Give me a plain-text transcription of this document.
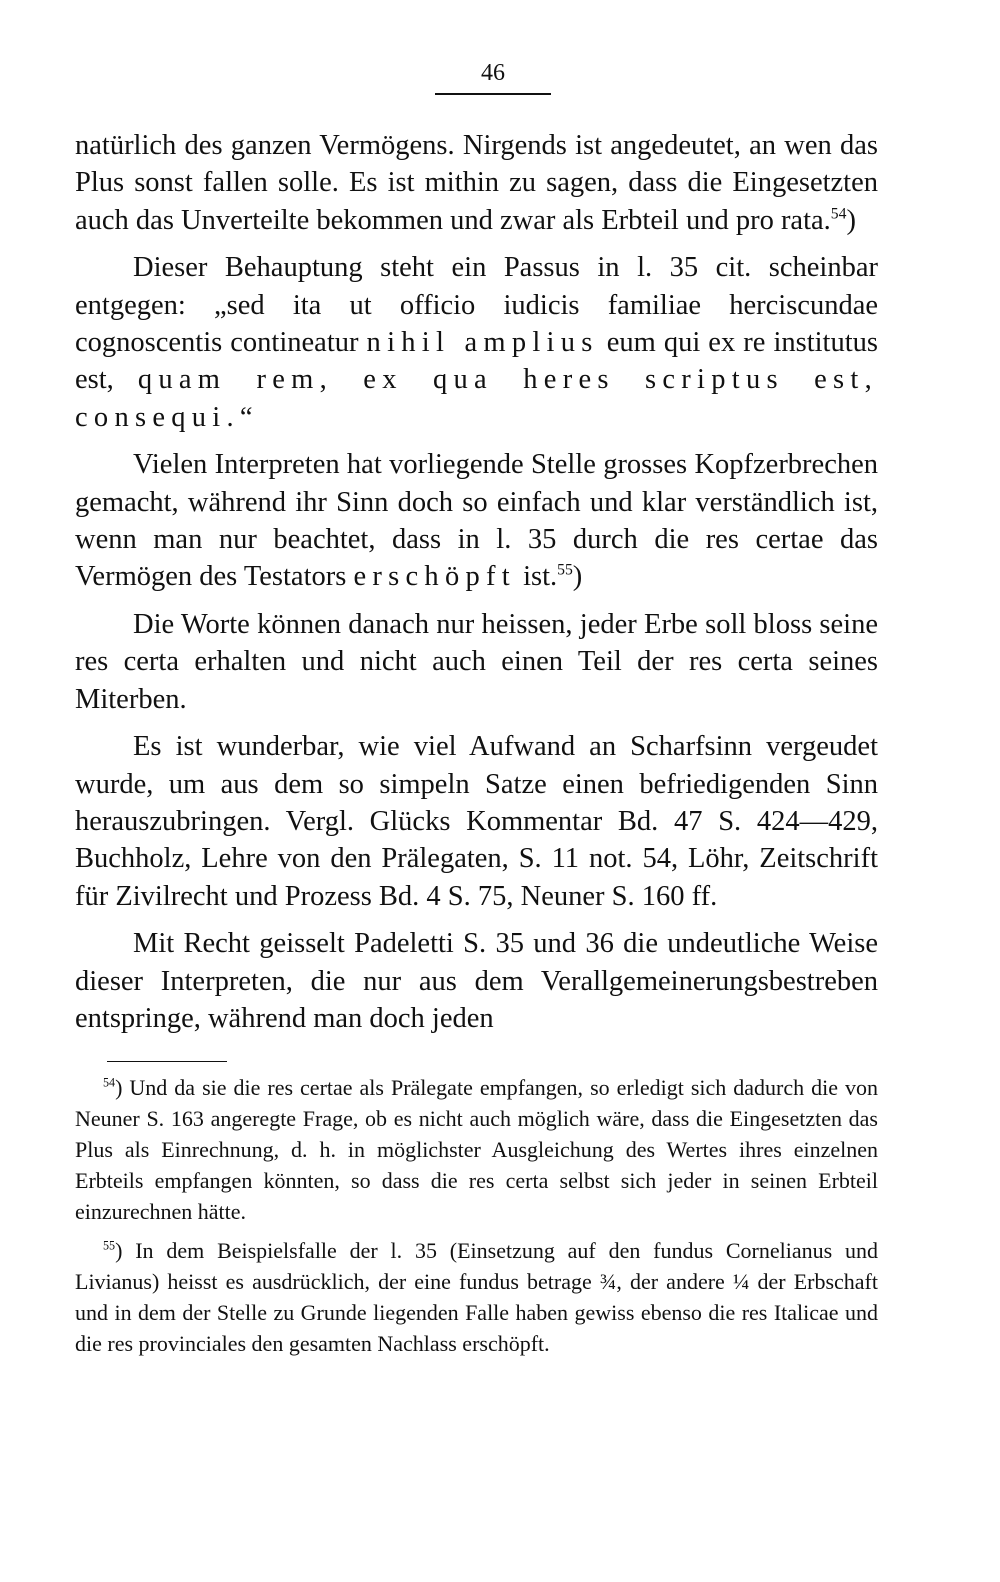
46

natürlich des ganzen Vermögens. Nirgends ist angedeutet, an wen das Plus sonst fallen solle. Es ist mithin zu sagen, dass die Eingesetzten auch das Unverteilte bekommen und zwar als Erbteil und pro rata.$^{54}$)

Dieser Behauptung steht ein Passus in l. 35 cit. scheinbar entgegen: „sed ita ut officio iudicis familiae herciscundae cognoscentis contineatur nihil amplius eum qui ex re institutus est, quam rem, ex qua heres scriptus est, consequi.“

Vielen Interpreten hat vorliegende Stelle grosses Kopfzerbrechen gemacht, während ihr Sinn doch so einfach und klar verständlich ist, wenn man nur beachtet, dass in l. 35 durch die res certae das Vermögen des Testators erschöpft ist.$^{55}$)

Die Worte können danach nur heissen, jeder Erbe soll bloss seine res certa erhalten und nicht auch einen Teil der res certa seines Miterben.

Es ist wunderbar, wie viel Aufwand an Scharfsinn vergeudet wurde, um aus dem so simpeln Satze einen befriedigenden Sinn herauszubringen. Vergl. Glücks Kommentar Bd. 47 S. 424—429, Buchholz, Lehre von den Prälegaten, S. 11 not. 54, Löhr, Zeitschrift für Zivilrecht und Prozess Bd. 4 S. 75, Neuner S. 160 ff.

Mit Recht geisselt Padeletti S. 35 und 36 die undeutliche Weise dieser Interpreten, die nur aus dem Verallgemeinerungsbestreben entspringe, während man doch jeden

$^{54}$) Und da sie die res certae als Prälegate empfangen, so erledigt sich dadurch die von Neuner S. 163 angeregte Frage, ob es nicht auch möglich wäre, dass die Eingesetzten das Plus als Einrechnung, d. h. in möglichster Ausgleichung des Wertes ihres einzelnen Erbteils empfangen könnten, so dass die res certa selbst sich jeder in seinen Erbteil einzurechnen hätte.

$^{55}$) In dem Beispielsfalle der l. 35 (Einsetzung auf den fundus Cornelianus und Livianus) heisst es ausdrücklich, der eine fundus betrage ¾, der andere ¼ der Erbschaft und in dem der Stelle zu Grunde liegenden Falle haben gewiss ebenso die res Italicae und die res provinciales den gesamten Nachlass erschöpft.
